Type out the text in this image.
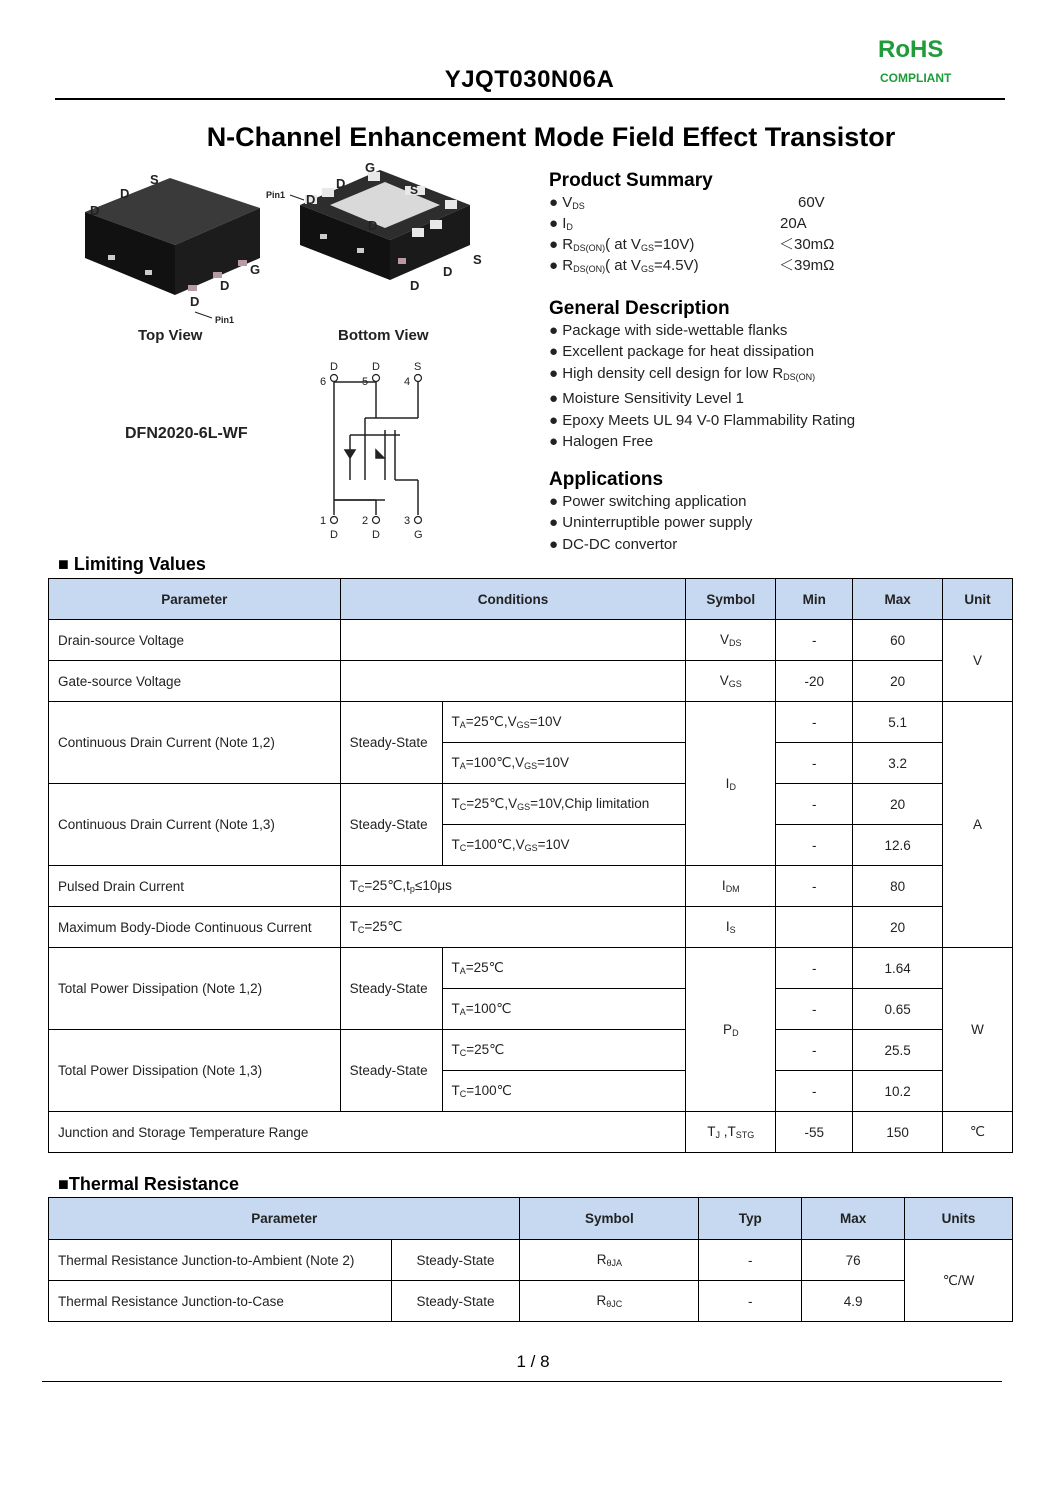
YJQT030N06A
RoHS
COMPLIANT
N-Channel Enhancement Mode Field Effect Transistor
S
D
D
G
D
D
Pin1
Top View
G
D
D
D
S
D
D
S
Pin1
Bottom View
DFN2020-6L-WF
D	D	S
6	5	4
1	2	3
D	D	G
Product Summary
● $V_{DS}$	60V
● $I_D$	20A
● $R_{DS(ON)}$( at $V_{GS}=10V$)	＜30mΩ
● $R_{DS(ON)}$( at $V_{GS}=4.5V$)	＜39mΩ
General Description
● Package with side-wettable flanks
● Excellent package for heat dissipation
● High density cell design for low $R_{DS(ON)}$
● Moisture Sensitivity Level 1
● Epoxy Meets UL 94 V-0 Flammability Rating
● Halogen Free
Applications
● Power switching application
● Uninterruptible power supply
● DC-DC convertor
■ Limiting Values
Parameter	Conditions		Symbol	Min	Max	Unit
Drain-source Voltage			$V_{DS}$	-	60	V
Gate-source Voltage			$V_{GS}$	-20	20	
Continuous Drain Current (Note 1,2)	Steady-State	$T_A=25℃,V_{GS}=10V$	$I_D$	-	5.1	A
		$T_A=100℃,V_{GS}=10V$		-	3.2	
Continuous Drain Current (Note 1,3)	Steady-State	$T_C=25℃,V_{GS}=10V,Chip$ limitation		-	20	
		$T_C=100℃,V_{GS}=10V$		-	12.6	
Pulsed Drain Current	$T_C=25℃,t_p\le 10\mu s$		$I_{DM}$	-	80	
Maximum Body-Diode Continuous Current	$T_C=25℃$		$I_S$		20	
Total Power Dissipation (Note 1,2)	Steady-State	$T_A=25℃$	$P_D$	-	1.64	W
		$T_A=100℃$		-	0.65	
Total Power Dissipation (Note 1,3)	Steady-State	$T_C=25℃$		-	25.5	
		$T_C=100℃$		-	10.2	
Junction and Storage Temperature Range			$T_J$ $,T_{STG}$	-55	150	℃
■Thermal Resistance
Parameter		Symbol	Typ	Max	Units
Thermal Resistance Junction-to-Ambient (Note 2)	Steady-State	$R_{\theta JA}$	-	76	℃/W
Thermal Resistance Junction-to-Case	Steady-State	$R_{\theta JC}$	-	4.9	
1 / 8
